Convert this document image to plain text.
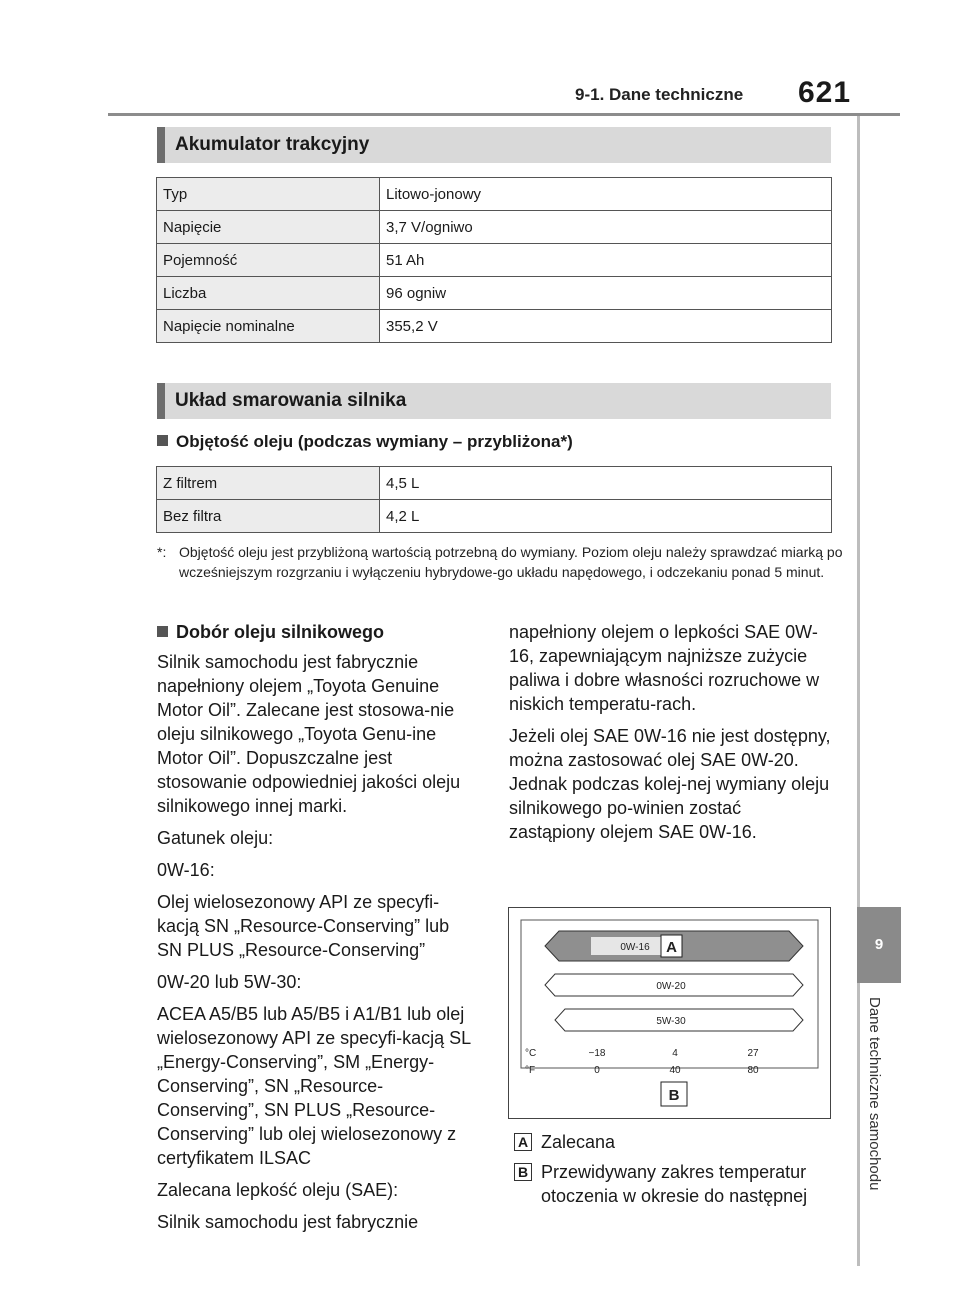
9-1. Dane techniczne 621
9
Dane techniczne samochodu
Akumulator trakcyjny
Typ	Litowo-jonowy
Napięcie	3,7 V/ogniwo
Pojemność	51 Ah
Liczba	96 ogniw
Napięcie nominalne	355,2 V
Układ smarowania silnika
Objętość oleju (podczas wymiany – przybliżona*)
Z filtrem	4,5 L
Bez filtra	4,2 L
*: Objętość oleju jest przybliżoną wartością potrzebną do wymiany. Poziom oleju należy sprawdzać miarką po wcześniejszym rozgrzaniu i wyłączeniu hybrydowe-go układu napędowego, i odczekaniu ponad 5 minut.
Dobór oleju silnikowego

Silnik samochodu jest fabrycznie napełniony olejem „Toyota Genuine Motor Oil”. Zalecane jest stosowa-nie oleju silnikowego „Toyota Genu-ine Motor Oil”. Dopuszczalne jest stosowanie odpowiedniej jakości oleju silnikowego innej marki.

Gatunek oleju:

0W-16:

Olej wielosezonowy API ze specyfi-kacją SN „Resource-Conserving” lub SN PLUS „Resource-Conserving”

0W-20 lub 5W-30:

ACEA A5/B5 lub A5/B5 i A1/B1 lub olej wielosezonowy API ze specyfi-kacją SL „Energy-Conserving”, SM „Energy-Conserving”, SN „Resource-Conserving”, SN PLUS „Resource-Conserving” lub olej wielosezonowy z certyfikatem ILSAC

Zalecana lepkość oleju (SAE):

Silnik samochodu jest fabrycznie

napełniony olejem o lepkości SAE 0W-16, zapewniającym najniższe zużycie paliwa i dobre własności rozruchowe w niskich temperatu-rach.

Jeżeli olej SAE 0W-16 nie jest dostępny, można zastosować olej SAE 0W-20. Jednak podczas kolej-nej wymiany oleju silnikowego po-winien zostać zastąpiony olejem SAE 0W-16.

0W-16 A
0W-20
5W-30
°C	−18	4	27
°F	0	40	80
B
A Zalecana
B Przewidywany zakres temperatur otoczenia w okresie do następnej
